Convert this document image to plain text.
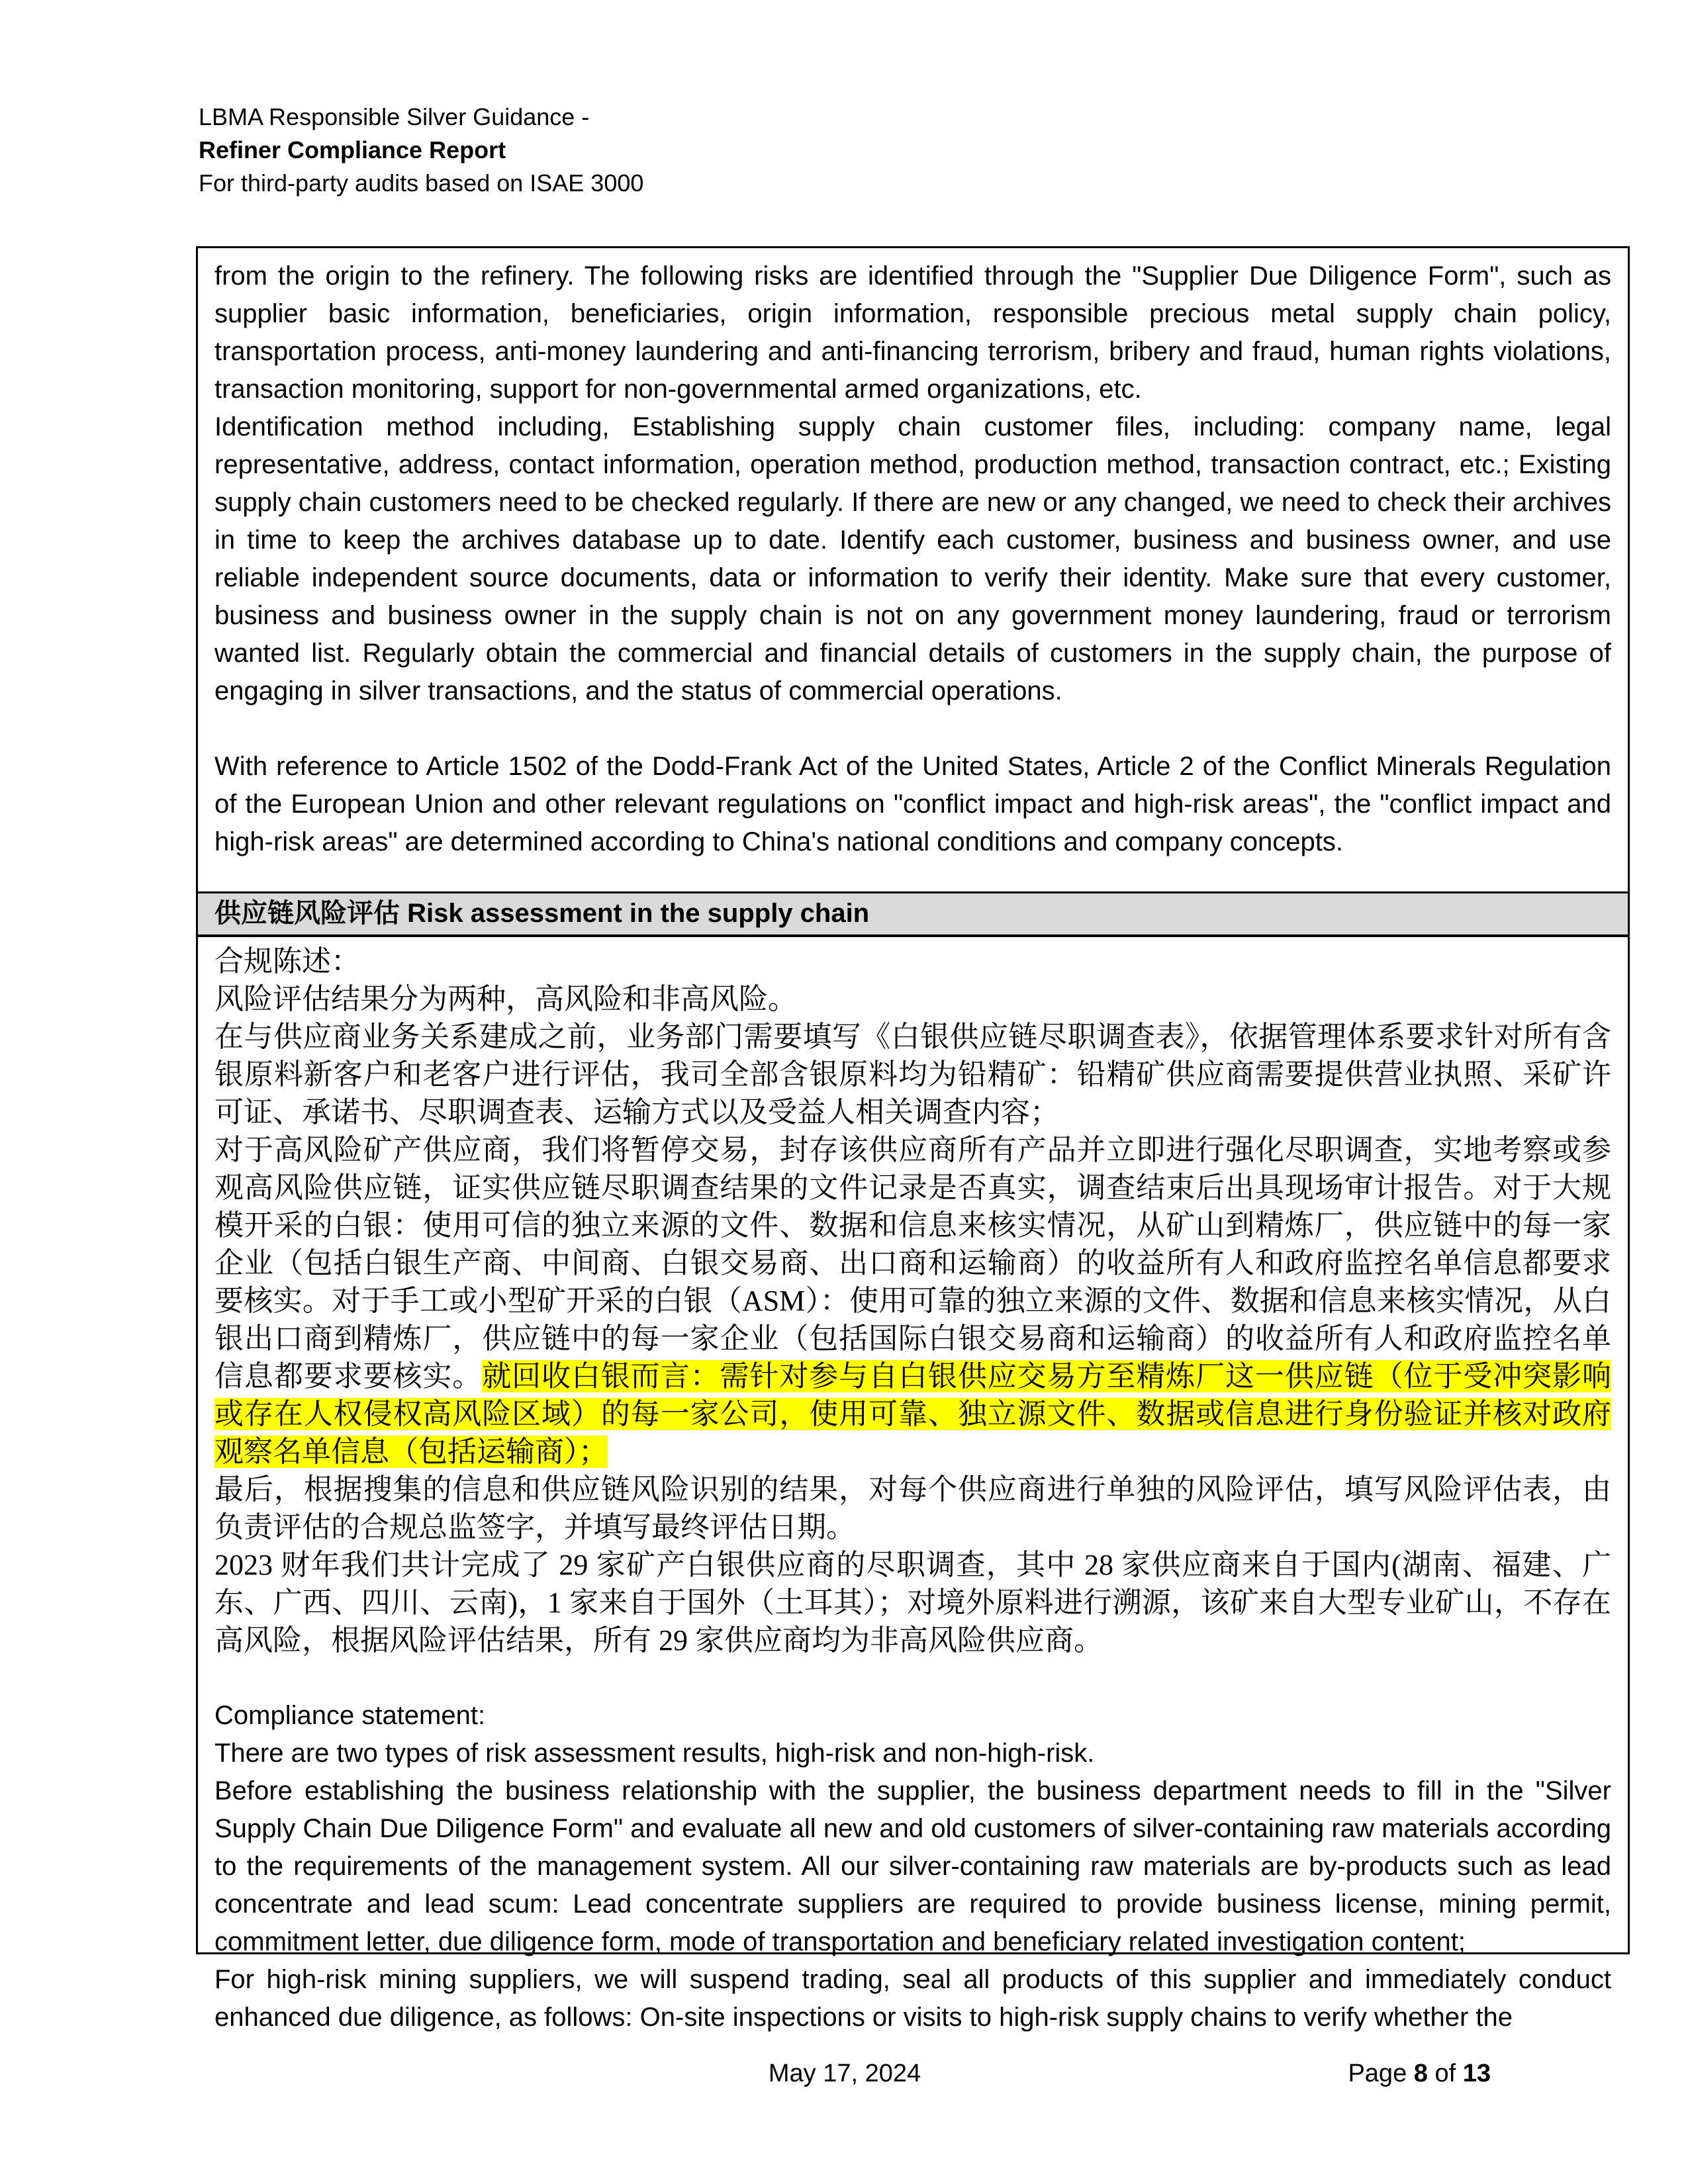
LBMA Responsible Silver Guidance -
Refiner Compliance Report
For third-party audits based on ISAE 3000

from the origin to the refinery. The following risks are identified through the "Supplier Due Diligence Form", such as supplier basic information, beneficiaries, origin information, responsible precious metal supply chain policy, transportation process, anti-money laundering and anti-financing terrorism, bribery and fraud, human rights violations, transaction monitoring, support for non-governmental armed organizations, etc.

Identification method including, Establishing supply chain customer files, including: company name, legal representative, address, contact information, operation method, production method, transaction contract, etc.; Existing supply chain customers need to be checked regularly. If there are new or any changed, we need to check their archives in time to keep the archives database up to date. Identify each customer, business and business owner, and use reliable independent source documents, data or information to verify their identity. Make sure that every customer, business and business owner in the supply chain is not on any government money laundering, fraud or terrorism wanted list. Regularly obtain the commercial and financial details of customers in the supply chain, the purpose of engaging in silver transactions, and the status of commercial operations.

With reference to Article 1502 of the Dodd-Frank Act of the United States, Article 2 of the Conflict Minerals Regulation of the European Union and other relevant regulations on "conflict impact and high-risk areas", the "conflict impact and high-risk areas" are determined according to China's national conditions and company concepts.

供应链风险评估 Risk assessment in the supply chain

合规陈述：

风险评估结果分为两种，高风险和非高风险。

在与供应商业务关系建成之前，业务部门需要填写《白银供应链尽职调查表》，依据管理体系要求针对所有含银原料新客户和老客户进行评估，我司全部含银原料均为铅精矿：铅精矿供应商需要提供营业执照、采矿许可证、承诺书、尽职调查表、运输方式以及受益人相关调查内容；

对于高风险矿产供应商，我们将暂停交易，封存该供应商所有产品并立即进行强化尽职调查，实地考察或参观高风险供应链，证实供应链尽职调查结果的文件记录是否真实，调查结束后出具现场审计报告。对于大规模开采的白银：使用可信的独立来源的文件、数据和信息来核实情况，从矿山到精炼厂，供应链中的每一家企业（包括白银生产商、中间商、白银交易商、出口商和运输商）的收益所有人和政府监控名单信息都要求要核实。对于手工或小型矿开采的白银（ASM）：使用可靠的独立来源的文件、数据和信息来核实情况，从白银出口商到精炼厂，供应链中的每一家企业（包括国际白银交易商和运输商）的收益所有人和政府监控名单信息都要求要核实。就回收白银而言：需针对参与自白银供应交易方至精炼厂这一供应链（位于受冲突影响或存在人权侵权高风险区域）的每一家公司，使用可靠、独立源文件、数据或信息进行身份验证并核对政府观察名单信息（包括运输商）；

最后，根据搜集的信息和供应链风险识别的结果，对每个供应商进行单独的风险评估，填写风险评估表，由负责评估的合规总监签字，并填写最终评估日期。

2023 财年我们共计完成了 29 家矿产白银供应商的尽职调查，其中 28 家供应商来自于国内(湖南、福建、广东、广西、四川、云南)，1 家来自于国外（土耳其）；对境外原料进行溯源，该矿来自大型专业矿山，不存在高风险，根据风险评估结果，所有 29 家供应商均为非高风险供应商。

Compliance statement:

There are two types of risk assessment results, high-risk and non-high-risk.

Before establishing the business relationship with the supplier, the business department needs to fill in the "Silver Supply Chain Due Diligence Form" and evaluate all new and old customers of silver-containing raw materials according to the requirements of the management system. All our silver-containing raw materials are by-products such as lead concentrate and lead scum: Lead concentrate suppliers are required to provide business license, mining permit, commitment letter, due diligence form, mode of transportation and beneficiary related investigation content;

For high-risk mining suppliers, we will suspend trading, seal all products of this supplier and immediately conduct enhanced due diligence, as follows: On-site inspections or visits to high-risk supply chains to verify whether the

May 17, 2024	Page 8 of 13
